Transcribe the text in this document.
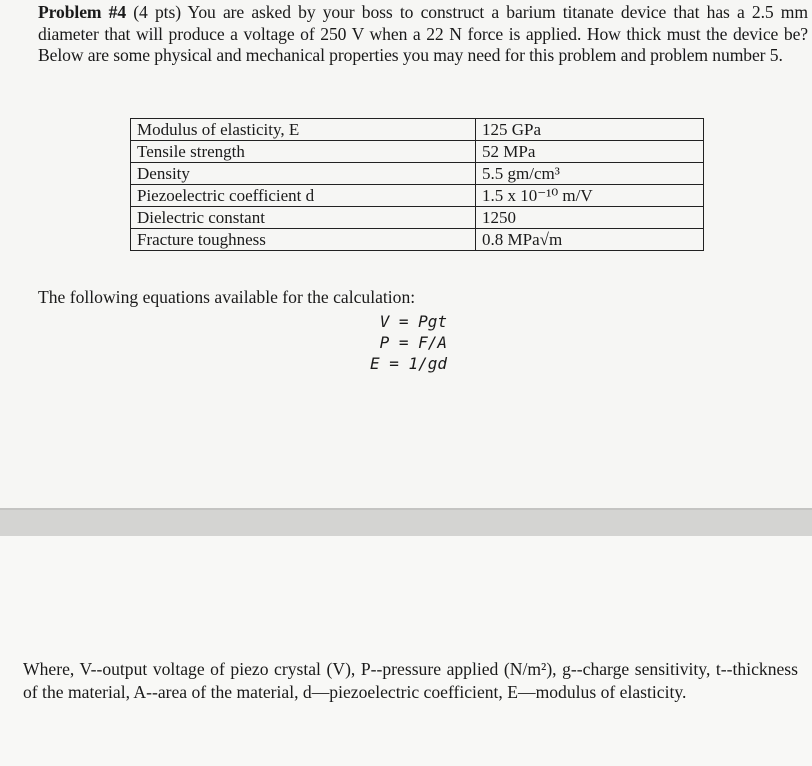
Problem #4 (4 pts) You are asked by your boss to construct a barium titanate device that has a 2.5 mm diameter that will produce a voltage of 250 V when a 22 N force is applied. How thick must the device be? Below are some physical and mechanical properties you may need for this problem and problem number 5.
Modulus of elasticity, E	125 GPa
Tensile strength	52 MPa
Density	5.5 gm/cm³
Piezoelectric coefficient d	1.5 x 10⁻¹⁰ m/V
Dielectric constant	1250
Fracture toughness	0.8 MPa√m
The following equations available for the calculation:
V = Pgt
P = F/A
E = 1/gd
Where, V--output voltage of piezo crystal (V), P--pressure applied (N/m²), g--charge sensitivity, t--thickness of the material, A--area of the material, d—piezoelectric coefficient, E—modulus of elasticity.
